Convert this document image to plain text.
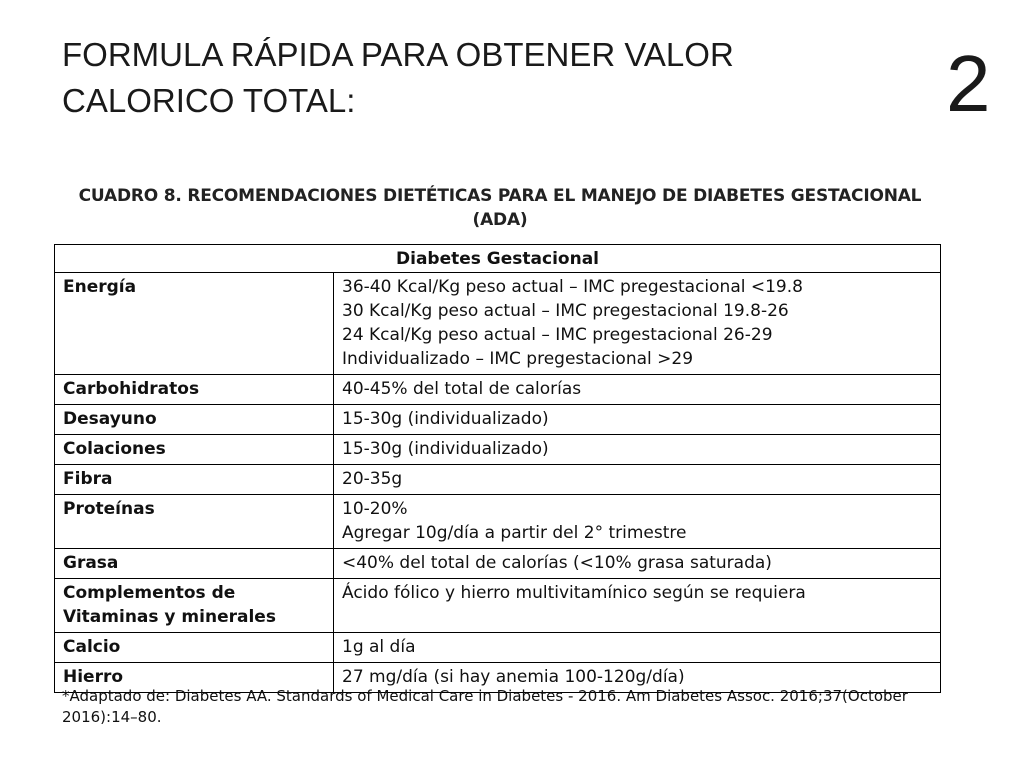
FORMULA RÁPIDA PARA OBTENER VALOR
CALORICO TOTAL:	2
CUADRO 8. RECOMENDACIONES DIETÉTICAS PARA EL MANEJO DE DIABETES GESTACIONAL
(ADA)
Diabetes Gestacional	
Energía	36-40 Kcal/Kg peso actual – IMC pregestacional <19.8
30 Kcal/Kg peso actual – IMC pregestacional 19.8-26
24 Kcal/Kg peso actual – IMC pregestacional 26-29
Individualizado – IMC pregestacional >29

Carbohidratos	40-45% del total de calorías
Desayuno	15-30g (individualizado)
Colaciones	15-30g (individualizado)
Fibra	20-35g
Proteínas	10-20%
Agregar 10g/día a partir del 2° trimestre

Grasa	<40% del total de calorías (<10% grasa saturada)

Complementos de
Vitaminas y minerales	Ácido fólico y hierro multivitamínico según se requiera
Calcio	1g al día
Hierro	27 mg/día (si hay anemia 100-120g/día)
*Adaptado de: Diabetes AA. Standards of Medical Care in Diabetes - 2016. Am Diabetes Assoc. 2016;37(October 2016):14–80.
